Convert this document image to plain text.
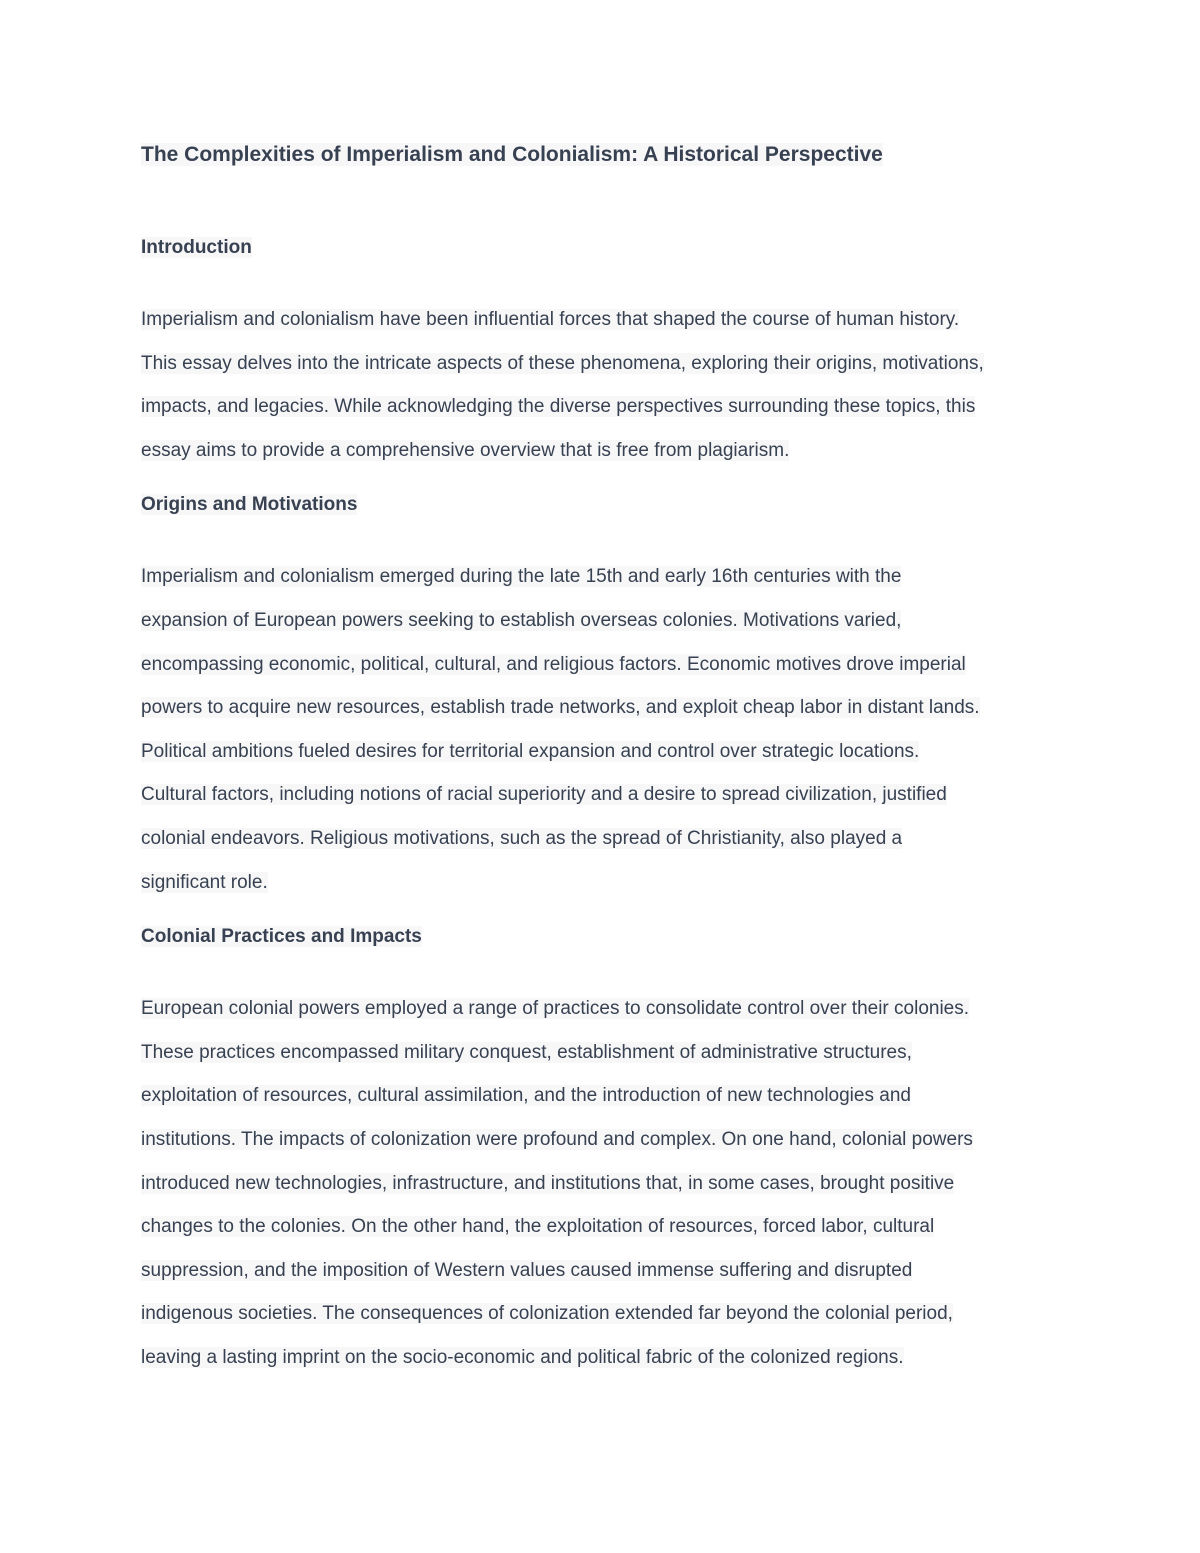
The Complexities of Imperialism and Colonialism: A Historical Perspective
Introduction

Imperialism and colonialism have been influential forces that shaped the course of human history.
This essay delves into the intricate aspects of these phenomena, exploring their origins, motivations,
impacts, and legacies. While acknowledging the diverse perspectives surrounding these topics, this
essay aims to provide a comprehensive overview that is free from plagiarism.

Origins and Motivations

Imperialism and colonialism emerged during the late 15th and early 16th centuries with the
expansion of European powers seeking to establish overseas colonies. Motivations varied,
encompassing economic, political, cultural, and religious factors. Economic motives drove imperial
powers to acquire new resources, establish trade networks, and exploit cheap labor in distant lands.
Political ambitions fueled desires for territorial expansion and control over strategic locations.
Cultural factors, including notions of racial superiority and a desire to spread civilization, justified
colonial endeavors. Religious motivations, such as the spread of Christianity, also played a
significant role.

Colonial Practices and Impacts

European colonial powers employed a range of practices to consolidate control over their colonies.
These practices encompassed military conquest, establishment of administrative structures,
exploitation of resources, cultural assimilation, and the introduction of new technologies and
institutions. The impacts of colonization were profound and complex. On one hand, colonial powers
introduced new technologies, infrastructure, and institutions that, in some cases, brought positive
changes to the colonies. On the other hand, the exploitation of resources, forced labor, cultural
suppression, and the imposition of Western values caused immense suffering and disrupted
indigenous societies. The consequences of colonization extended far beyond the colonial period,
leaving a lasting imprint on the socio-economic and political fabric of the colonized regions.
